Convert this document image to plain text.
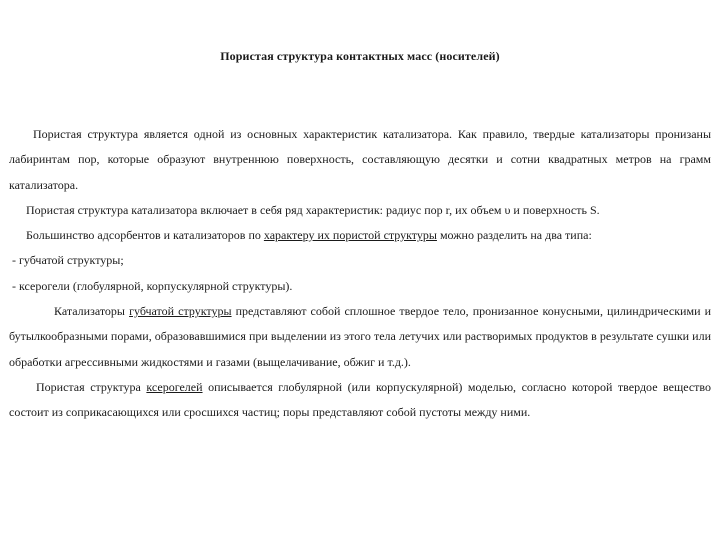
Пористая структура контактных масс (носителей)

Пористая структура является одной из основных характеристик катализатора. Как правило, твердые катализаторы пронизаны лабиринтам пор, которые образуют внутреннюю поверхность, составляющую десятки и сотни квадратных метров на грамм катализатора.

Пористая структура катализатора включает в себя ряд характеристик: радиус пор r, их объем υ и поверхность S.

Большинство адсорбентов и катализаторов по характеру их пористой структуры можно разделить на два типа:

- губчатой структуры;

- ксерогели (глобулярной, корпускулярной структуры).

Катализаторы губчатой структуры представляют собой сплошное твердое тело, пронизанное конусными, цилиндрическими и бутылкообразными порами, образовавшимися при выделении из этого тела летучих или растворимых продуктов в результате сушки или обработки агрессивными жидкостями и газами (выщелачивание, обжиг и т.д.).

Пористая структура ксерогелей описывается глобулярной (или корпускулярной) моделью, согласно которой твердое вещество состоит из соприкасающихся или сросшихся частиц; поры представляют собой пустоты между ними.
